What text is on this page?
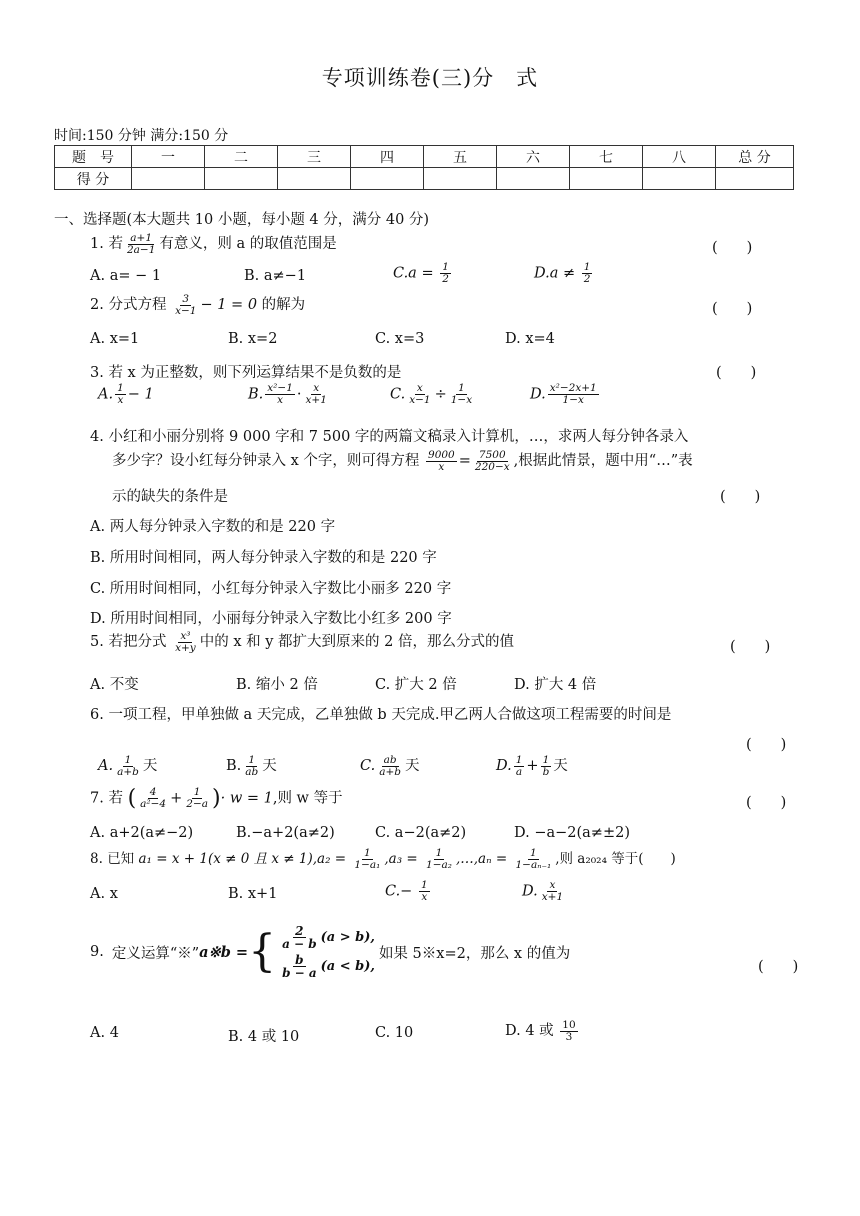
专项训练卷(三)分　式
时间:150 分钟 满分:150 分
题　号	一	二	三	四	五	六	七	八	总 分
得 分									
一、选择题(本大题共 10 小题，每小题 4 分，满分 40 分)
1. 若 $\frac{a+1}{2a-1}$ 有意义，则 a 的取值范围是	(　　)
A. a= − 1	B. a≠−1	$C.a = \frac{1}{2}$	$D.a \ne \frac{1}{2}$
2. 分式方程 $\frac{3}{x-1} - 1 = 0$ 的解为	(　　)
A. x=1	B. x=2	C. x=3	D. x=4
3. 若 x 为正整数，则下列运算结果不是负数的是	(　　)
A. $\frac{1}{x} - 1$	B. $\frac{\text{x²−1}}{x} \cdot \frac{x}{x+1}$	C. $\frac{x}{x-1} \div \frac{1}{1-x}$	D. $\frac{\text{x²−2x+1}}{1-x}$
4. 小红和小丽分别将 9 000 字和 7 500 字的两篇文稿录入计算机，…，求两人每分钟各录入
多少字？设小红每分钟录入 x 个字，则可得方程 $\frac{9000}{x} = \frac{7500}{220-x}$ ,根据此情景，题中用“…”表
示的缺失的条件是	(　　)
A. 两人每分钟录入字数的和是 220 字
B. 所用时间相同，两人每分钟录入字数的和是 220 字
C. 所用时间相同，小红每分钟录入字数比小丽多 220 字
D. 所用时间相同，小丽每分钟录入字数比小红多 200 字
5. 若把分式 $\frac{\text{x³}}{x+y}$ 中的 x 和 y 都扩大到原来的 2 倍，那么分式的值	(　　)
A. 不变	B. 缩小 2 倍	C. 扩大 2 倍	D. 扩大 4 倍
6. 一项工程，甲单独做 a 天完成，乙单独做 b 天完成.甲乙两人合做这项工程需要的时间是
(　　)
A. $\frac{1}{a+b}$ 天	B. $\frac{1}{ab}$ 天	C. $\frac{ab}{a+b}$ 天	D. $\frac{1}{a} + \frac{1}{b}$ 天
7. 若 ( $\frac{4}{\text{a²−4}} + \frac{1}{2-a}$ )· w = 1,则 w 等于	(　　)
A. a+2(a≠−2)	B.−a+2(a≠2)	C. a−2(a≠2)	D. −a−2(a≠±2)
8. 已知 a₁ = x + 1(x ≠ 0 且 $x \ne 1),a_2 = \frac{1}{\text{1−a₁}} ,a_3 = \frac{1}{\text{1−a₂}}$ ,…,aₙ = $\frac{1}{\text{1−aₙ₋₁}}$ ,则 a₂₀₂₄ 等于(　　)
A. x	B. x+1	$C.- \frac{1}{x}$	D. $\frac{x}{x+1}$
9. 定义运算“※” a※b = { $\frac{2}{a - b} (a > b)$,
$\frac{b}{b - a} (a < b)$,
如果 5※x=2，那么 x 的值为
(　　)
A. 4	B. 4 或 10	C. 10	D. 4 或 $\frac{10}{3}$
